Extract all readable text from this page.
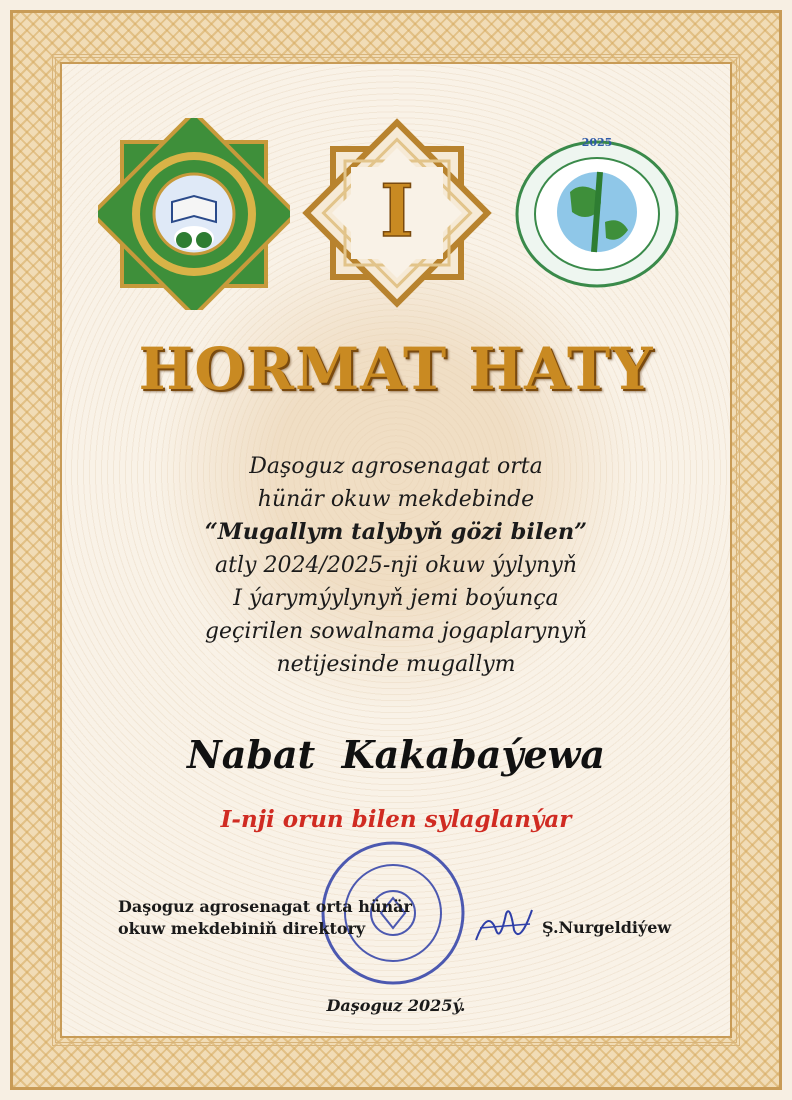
I
2025
HORMAT HATY
Daşoguz agrosenagat orta
hünär okuw mekdebinde
“Mugallym talybyň gözi bilen”
atly 2024/2025-nji okuw ýylynyň
I ýarymýylynyň jemi boýunça
geçirilen sowalnama jogaplarynyň
netijesinde mugallym
Nabat  Kakabaýewa
I-nji orun bilen sylaglanýar
Daşoguz agrosenagat orta hünär
okuw mekdebiniň direktory	Ş.Nurgeldiýew
Daşoguz 2025ý.
